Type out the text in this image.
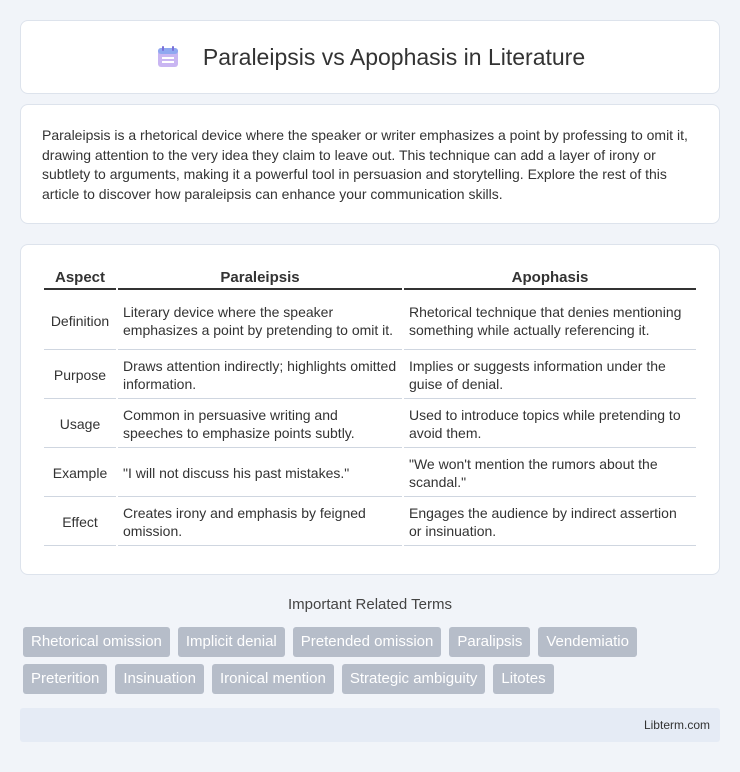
Paraleipsis vs Apophasis in Literature

Paraleipsis is a rhetorical device where the speaker or writer emphasizes a point by professing to omit it, drawing attention to the very idea they claim to leave out. This technique can add a layer of irony or subtlety to arguments, making it a powerful tool in persuasion and storytelling. Explore the rest of this article to discover how paraleipsis can enhance your communication skills.

Aspect	Paraleipsis	Apophasis
Definition	Literary device where the speaker emphasizes a point by pretending to omit it.	Rhetorical technique that denies mentioning something while actually referencing it.
Purpose	Draws attention indirectly; highlights omitted information.	Implies or suggests information under the guise of denial.
Usage	Common in persuasive writing and speeches to emphasize points subtly.	Used to introduce topics while pretending to avoid them.
Example	"I will not discuss his past mistakes."	"We won't mention the rumors about the scandal."
Effect	Creates irony and emphasis by feigned omission.	Engages the audience by indirect assertion or insinuation.
Important Related Terms
Rhetorical omission	Implicit denial	Pretended omission	Paralipsis	Vendemiatio
Preterition	Insinuation	Ironical mention	Strategic ambiguity	Litotes
Libterm.com
